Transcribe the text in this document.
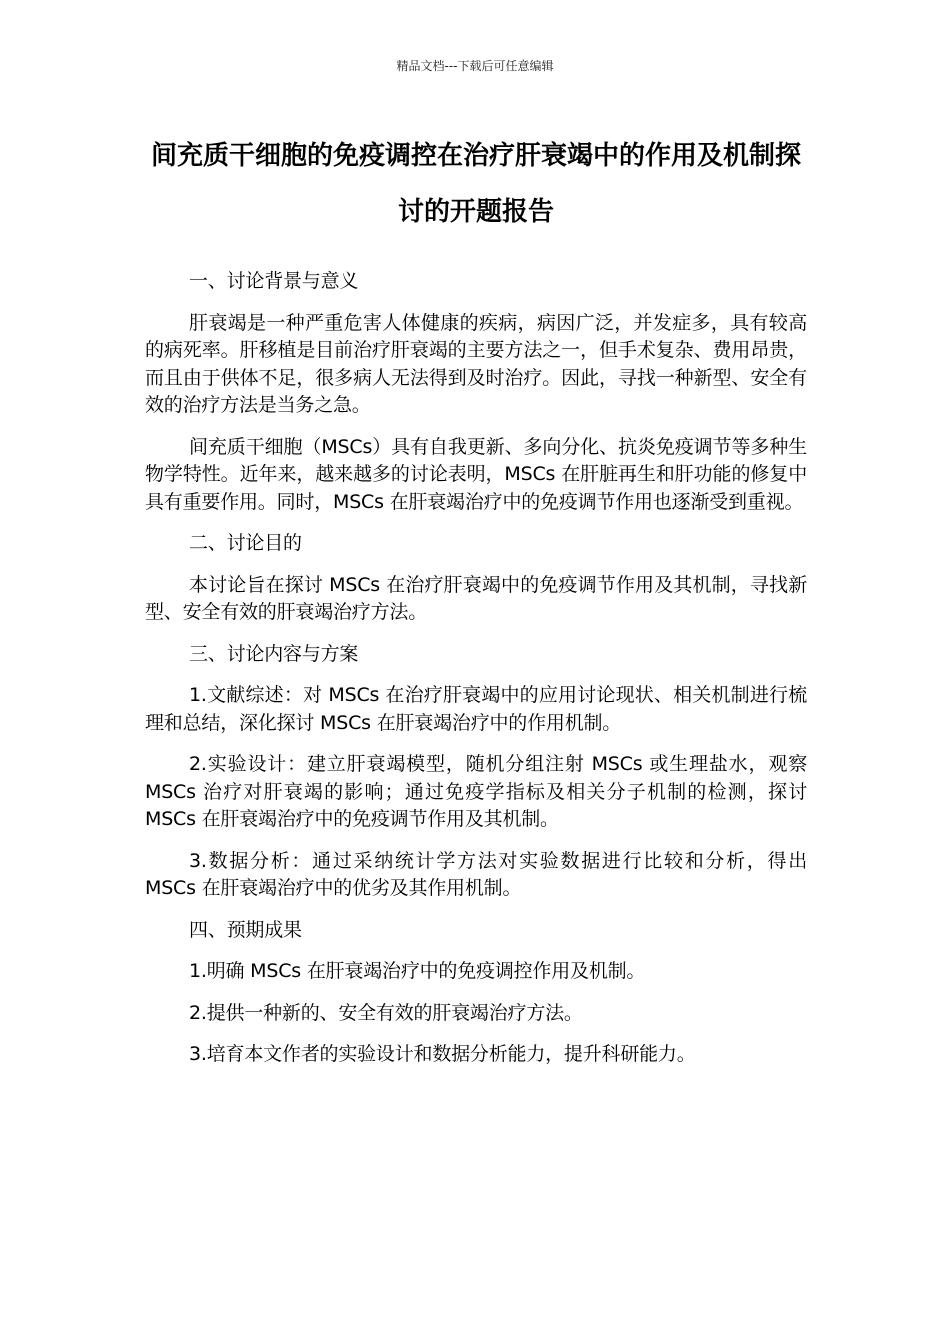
精品文档---下载后可任意编辑
间充质干细胞的免疫调控在治疗肝衰竭中的作用及机制探讨的开题报告

一、讨论背景与意义

肝衰竭是一种严重危害人体健康的疾病，病因广泛，并发症多，具有较高的病死率。肝移植是目前治疗肝衰竭的主要方法之一，但手术复杂、费用昂贵，而且由于供体不足，很多病人无法得到及时治疗。因此，寻找一种新型、安全有效的治疗方法是当务之急。

间充质干细胞（MSCs）具有自我更新、多向分化、抗炎免疫调节等多种生物学特性。近年来，越来越多的讨论表明，MSCs 在肝脏再生和肝功能的修复中具有重要作用。同时，MSCs 在肝衰竭治疗中的免疫调节作用也逐渐受到重视。

二、讨论目的

本讨论旨在探讨 MSCs 在治疗肝衰竭中的免疫调节作用及其机制，寻找新型、安全有效的肝衰竭治疗方法。

三、讨论内容与方案

1.文献综述：对 MSCs 在治疗肝衰竭中的应用讨论现状、相关机制进行梳理和总结，深化探讨 MSCs 在肝衰竭治疗中的作用机制。

2.实验设计：建立肝衰竭模型，随机分组注射 MSCs 或生理盐水，观察 MSCs 治疗对肝衰竭的影响；通过免疫学指标及相关分子机制的检测，探讨 MSCs 在肝衰竭治疗中的免疫调节作用及其机制。

3.数据分析：通过采纳统计学方法对实验数据进行比较和分析，得出 MSCs 在肝衰竭治疗中的优劣及其作用机制。

四、预期成果

1.明确 MSCs 在肝衰竭治疗中的免疫调控作用及机制。

2.提供一种新的、安全有效的肝衰竭治疗方法。

3.培育本文作者的实验设计和数据分析能力，提升科研能力。
